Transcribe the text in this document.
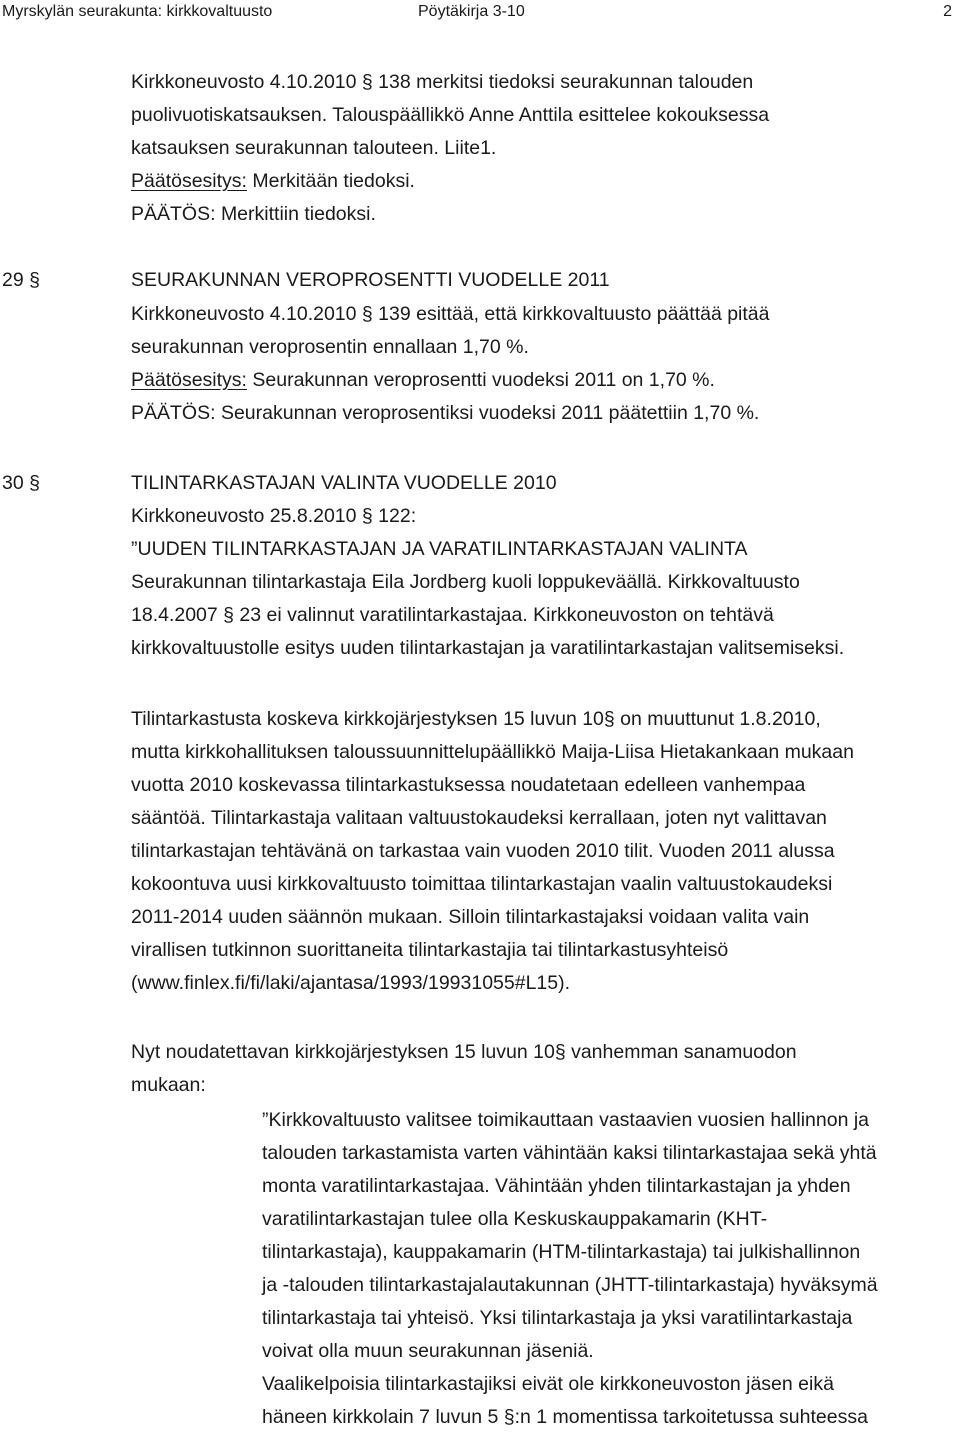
Myrskylän seurakunta: kirkkovaltuusto	Pöytäkirja 3-10	2
Kirkkoneuvosto 4.10.2010 § 138 merkitsi tiedoksi seurakunnan talouden
puolivuotiskatsauksen. Talouspäällikkö Anne Anttila esittelee kokouksessa
katsauksen seurakunnan talouteen. Liite1.
Päätösesitys: Merkitään tiedoksi.
PÄÄTÖS: Merkittiin tiedoksi.
29 §	SEURAKUNNAN VEROPROSENTTI VUODELLE 2011
Kirkkoneuvosto 4.10.2010 § 139 esittää, että kirkkovaltuusto päättää pitää
seurakunnan veroprosentin ennallaan 1,70 %.
Päätösesitys: Seurakunnan veroprosentti vuodeksi 2011 on 1,70 %.
PÄÄTÖS: Seurakunnan veroprosentiksi vuodeksi 2011 päätettiin 1,70 %.
30 §	TILINTARKASTAJAN VALINTA VUODELLE 2010
Kirkkoneuvosto 25.8.2010 § 122:
”UUDEN TILINTARKASTAJAN JA VARATILINTARKASTAJAN VALINTA
Seurakunnan tilintarkastaja Eila Jordberg kuoli loppukeväällä. Kirkkovaltuusto
18.4.2007 § 23 ei valinnut varatilintarkastajaa. Kirkkoneuvoston on tehtävä
kirkkovaltuustolle esitys uuden tilintarkastajan ja varatilintarkastajan valitsemiseksi.
Tilintarkastusta koskeva kirkkojärjestyksen 15 luvun 10§ on muuttunut 1.8.2010,
mutta kirkkohallituksen taloussuunnittelupäällikkö Maija-Liisa Hietakankaan mukaan
vuotta 2010 koskevassa tilintarkastuksessa noudatetaan edelleen vanhempaa
sääntöä. Tilintarkastaja valitaan valtuustokaudeksi kerrallaan, joten nyt valittavan
tilintarkastajan tehtävänä on tarkastaa vain vuoden 2010 tilit. Vuoden 2011 alussa
kokoontuva uusi kirkkovaltuusto toimittaa tilintarkastajan vaalin valtuustokaudeksi
2011-2014 uuden säännön mukaan. Silloin tilintarkastajaksi voidaan valita vain
virallisen tutkinnon suorittaneita tilintarkastajia tai tilintarkastusyhteisö
(www.finlex.fi/fi/laki/ajantasa/1993/19931055#L15).
Nyt noudatettavan kirkkojärjestyksen 15 luvun 10§ vanhemman sanamuodon
mukaan:
”Kirkkovaltuusto valitsee toimikauttaan vastaavien vuosien hallinnon ja
talouden tarkastamista varten vähintään kaksi tilintarkastajaa sekä yhtä
monta varatilintarkastajaa. Vähintään yhden tilintarkastajan ja yhden
varatilintarkastajan tulee olla Keskuskauppakamarin (KHT-
tilintarkastaja), kauppakamarin (HTM-tilintarkastaja) tai julkishallinnon
ja -talouden tilintarkastajalautakunnan (JHTT-tilintarkastaja) hyväksymä
tilintarkastaja tai yhteisö. Yksi tilintarkastaja ja yksi varatilintarkastaja
voivat olla muun seurakunnan jäseniä.
Vaalikelpoisia tilintarkastajiksi eivät ole kirkkoneuvoston jäsen eikä
häneen kirkkolain 7 luvun 5 §:n 1 momentissa tarkoitetussa suhteessa
